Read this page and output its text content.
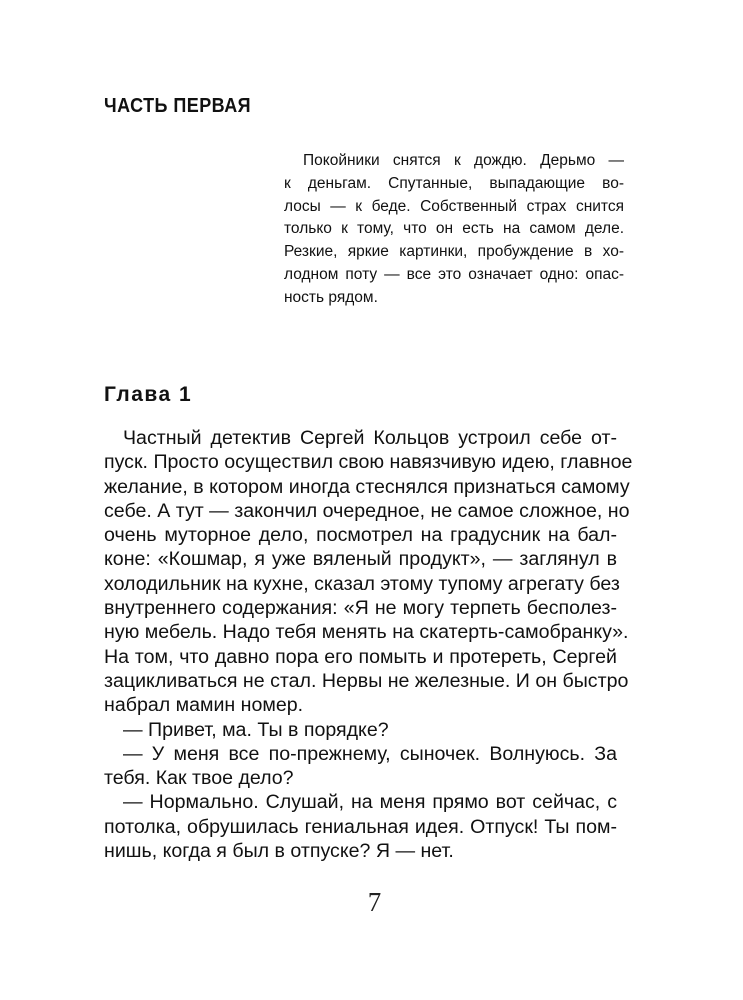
ЧАСТЬ ПЕРВАЯ
Покойники снятся к дождю. Дерьмо —
к деньгам. Спутанные, выпадающие во-
лосы — к беде. Собственный страх снится
только к тому, что он есть на самом деле.
Резкие, яркие картинки, пробуждение в хо-
лодном поту — все это означает одно: опас-
ность рядом.
Глава 1
Частный детектив Сергей Кольцов устроил себе от-
пуск. Просто осуществил свою навязчивую идею, главное
желание, в котором иногда стеснялся признаться самому
себе. А тут — закончил очередное, не самое сложное, но
очень муторное дело, посмотрел на градусник на бал-
коне: «Кошмар, я уже вяленый продукт», — заглянул в
холодильник на кухне, сказал этому тупому агрегату без
внутреннего содержания: «Я не могу терпеть бесполез-
ную мебель. Надо тебя менять на скатерть-самобранку».
На том, что давно пора его помыть и протереть, Сергей
зацикливаться не стал. Нервы не железные. И он быстро
набрал мамин номер.
— Привет, ма. Ты в порядке?
— У меня все по-прежнему, сыночек. Волнуюсь. За
тебя. Как твое дело?
— Нормально. Слушай, на меня прямо вот сейчас, с
потолка, обрушилась гениальная идея. Отпуск! Ты пом-
нишь, когда я был в отпуске? Я — нет.
7
